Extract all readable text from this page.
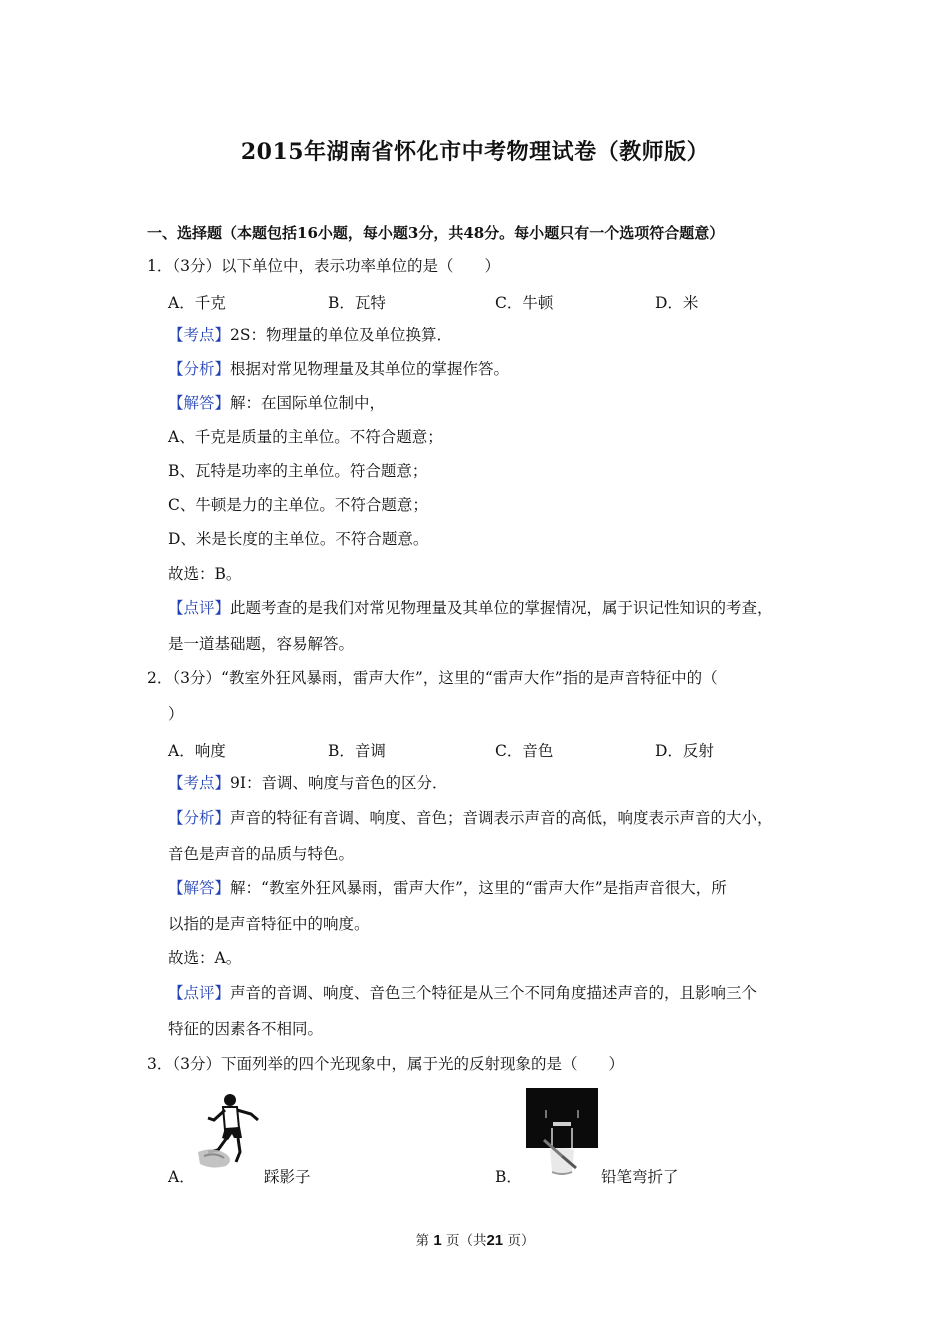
2015年湖南省怀化市中考物理试卷（教师版）
一、选择题（本题包括16小题，每小题3分，共48分。每小题只有一个选项符合题意）
1．（3分）以下单位中，表示功率单位的是（　　）
A．千克	B．瓦特	C．牛顿	D．米
【考点】2S：物理量的单位及单位换算．
【分析】根据对常见物理量及其单位的掌握作答。
【解答】解：在国际单位制中，
A、千克是质量的主单位。不符合题意；
B、瓦特是功率的主单位。符合题意；
C、牛顿是力的主单位。不符合题意；
D、米是长度的主单位。不符合题意。
故选：B。
【点评】此题考查的是我们对常见物理量及其单位的掌握情况，属于识记性知识的考查，
是一道基础题，容易解答。
2．（3分）“教室外狂风暴雨，雷声大作”，这里的“雷声大作”指的是声音特征中的（
）
A．响度	B．音调	C．音色	D．反射
【考点】9I：音调、响度与音色的区分．
【分析】声音的特征有音调、响度、音色；音调表示声音的高低，响度表示声音的大小，
音色是声音的品质与特色。
【解答】解：“教室外狂风暴雨，雷声大作”，这里的“雷声大作”是指声音很大，所
以指的是声音特征中的响度。
故选：A。
【点评】声音的音调、响度、音色三个特征是从三个不同角度描述声音的，且影响三个
特征的因素各不相同。
3．（3分）下面列举的四个光现象中，属于光的反射现象的是（　　）
A．	踩影子	B．	铅笔弯折了
第 1 页（共21 页）
